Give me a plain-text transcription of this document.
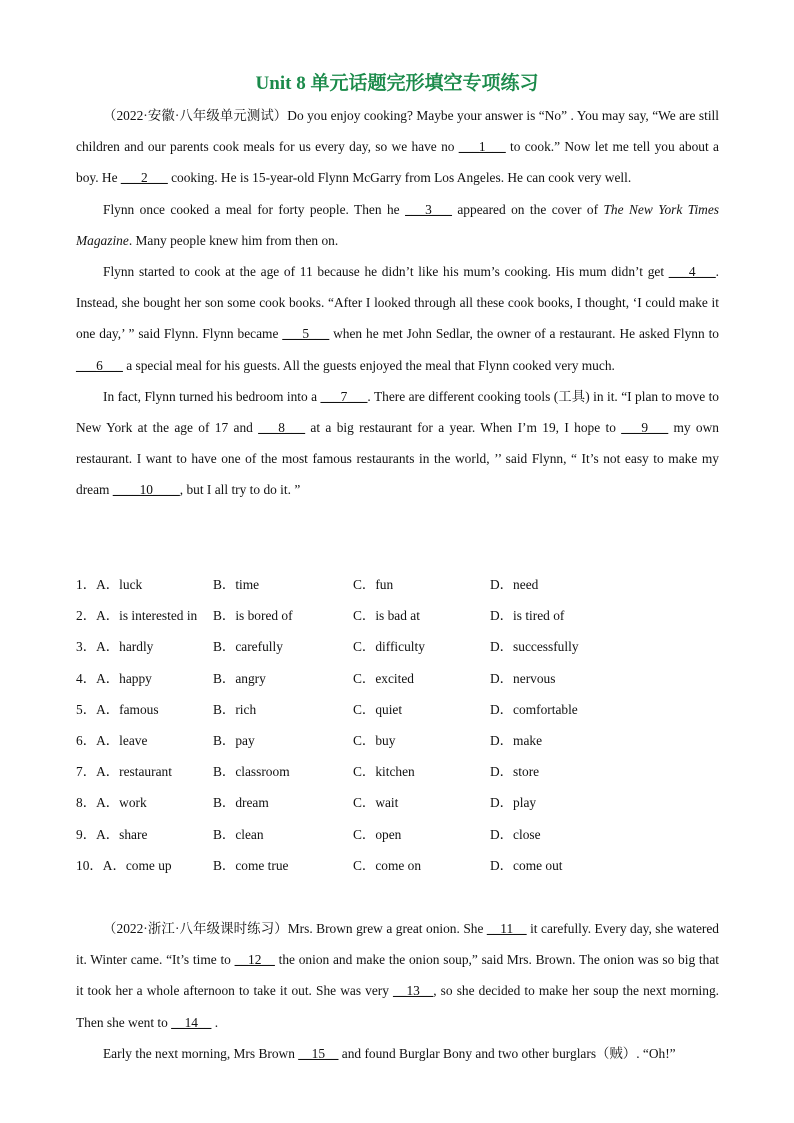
Unit 8 单元话题完形填空专项练习

（2022·安徽·八年级单元测试）Do you enjoy cooking? Maybe your answer is “No” . You may say, “We are still children and our parents cook meals for us every day, so we have no ___1___ to cook.” Now let me tell you about a boy. He ___2___ cooking. He is 15-year-old Flynn McGarry from Los Angeles. He can cook very well.

Flynn once cooked a meal for forty people. Then he ___3___ appeared on the cover of The New York Times Magazine. Many people knew him from then on.

Flynn started to cook at the age of 11 because he didn’t like his mum’s cooking. His mum didn’t get ___4___. Instead, she bought her son some cook books. “After I looked through all these cook books, I thought, ‘I could make it one day,’ ” said Flynn. Flynn became ___5___ when he met John Sedlar, the owner of a restaurant. He asked Flynn to ___6___ a special meal for his guests. All the guests enjoyed the meal that Flynn cooked very much.

In fact, Flynn turned his bedroom into a ___7___. There are different cooking tools (工具) in it. “I plan to move to New York at the age of 17 and ___8___ at a big restaurant for a year. When I’m 19, I hope to ___9___ my own restaurant. I want to have one of the most famous restaurants in the world, ’’ said Flynn, “ It’s not easy to make my dream ____10____, but I all try to do it. ”

1．A．luck	B．time	C．fun	D．need
2．A．is interested in B．is bored of	C．is bad at	D．is tired of
3．A．hardly	B．carefully	C．difficulty	D．successfully
4．A．happy	B．angry	C．excited	D．nervous
5．A．famous	B．rich	C．quiet	D．comfortable
6．A．leave	B．pay	C．buy	D．make
7．A．restaurant	B．classroom	C．kitchen	D．store
8．A．work	B．dream	C．wait	D．play
9．A．share	B．clean	C．open	D．close
10．A．come up	B．come true	C．come on	D．come out

（2022·浙江·八年级课时练习）Mrs. Brown grew a great onion. She __11__ it carefully. Every day, she watered it. Winter came. “It’s time to __12__ the onion and make the onion soup,” said Mrs. Brown. The onion was so big that it took her a whole afternoon to take it out. She was very __13__, so she decided to make her soup the next morning. Then she went to __14__ .

Early the next morning, Mrs Brown __15__ and found Burglar Bony and two other burglars（贼）. “Oh!”
